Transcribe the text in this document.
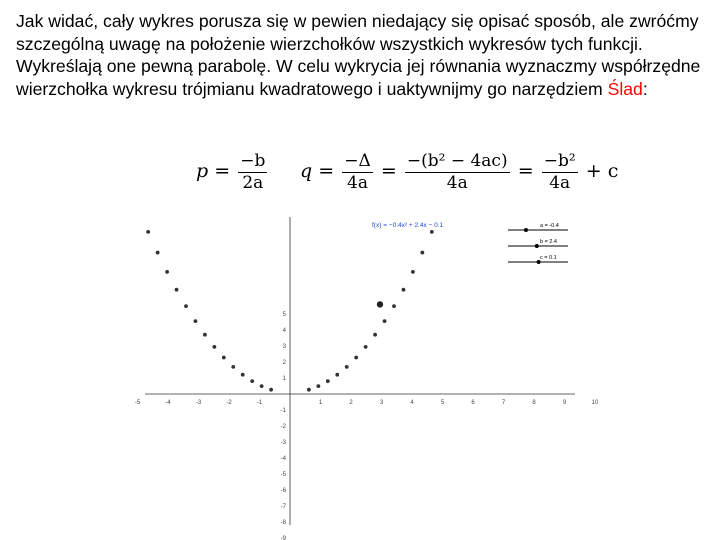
Jak widać, cały wykres porusza się w pewien niedający się opisać sposób, ale zwróćmy szczególną uwagę na położenie wierzchołków wszystkich wykresów tych funkcji. Wykreślają one pewną parabolę. W celu wykrycia jej równania wyznaczmy współrzędne wierzchołka wykresu trójmianu kwadratowego i uaktywnijmy go narzędziem Ślad:

$p = \frac{-b}{2a}$ $q = \frac{-\Delta}{4a} = \frac{\text{−(b² − 4ac)}}{4a} = \frac{\text{−b²}}{4a} + c$
-5	-4	-3	-2	-1	1	2	3	4	5	6	7	8	9	10
5
4
3
2
1
-1
-2
-3
-4
-5
-6
-7
-8
-9
f(x) = −0.4x² + 2.4x − 0.1	a = -0.4
b = 2.4
c = 0.1
